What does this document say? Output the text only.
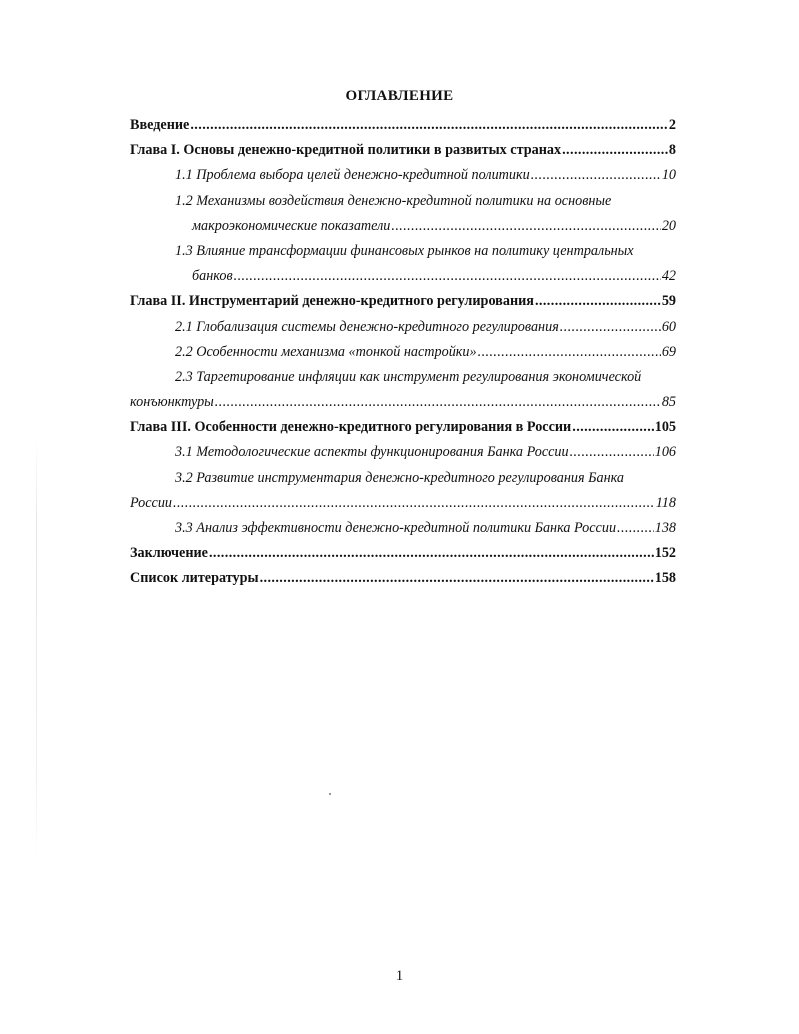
ОГЛАВЛЕНИЕ
Введение .....	2
Глава I. Основы денежно-кредитной политики в развитых странах .....	8
1.1 Проблема выбора целей денежно-кредитной политики .....	10
1.2 Механизмы воздействия денежно-кредитной политики на основные
макроэкономические показатели .....	20
1.3 Влияние трансформации финансовых рынков на политику центральных
банков .....	42
Глава II. Инструментарий денежно-кредитного регулирования .....	59
2.1 Глобализация системы денежно-кредитного регулирования .....	60
2.2 Особенности механизма «тонкой настройки» .....	69
2.3 Таргетирование инфляции как инструмент регулирования экономической
конъюнктуры .....	85
Глава III. Особенности денежно-кредитного регулирования в России .....	105
3.1 Методологические аспекты функционирования Банка России .....	106
3.2 Развитие инструментария денежно-кредитного регулирования Банка
России .....	118
3.3 Анализ эффективности денежно-кредитной политики Банка России .....	138
Заключение .....	152
Список литературы .....	158
1
